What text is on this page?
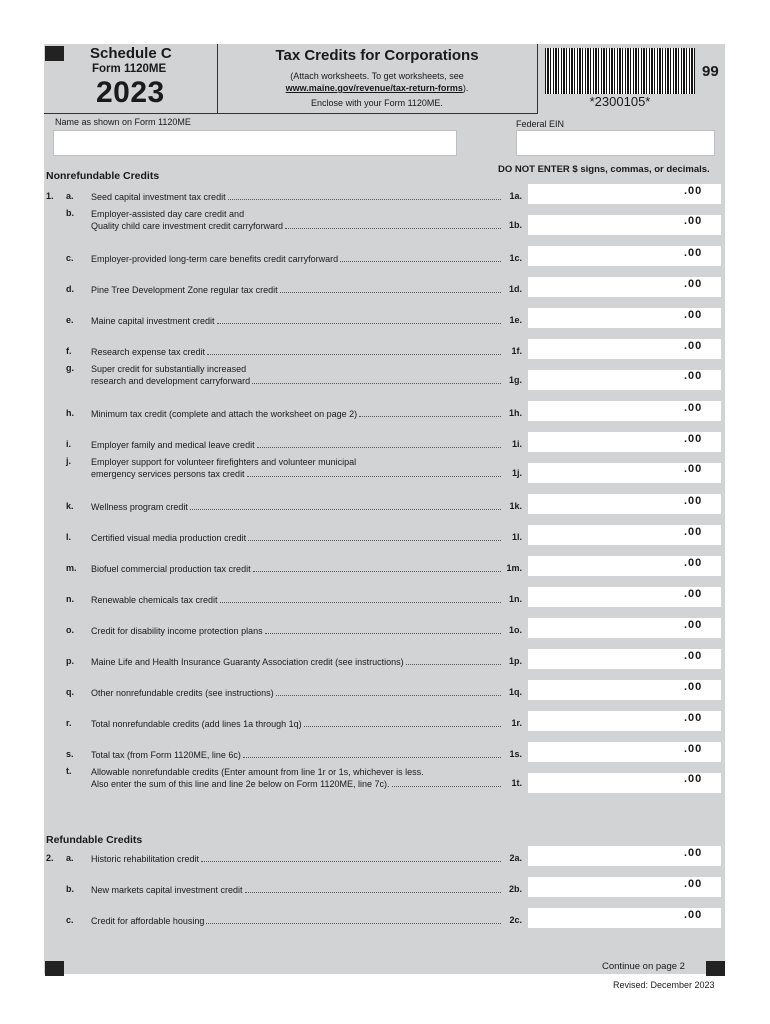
Schedule C
Form 1120ME
2023
Tax Credits for Corporations
(Attach worksheets. To get worksheets, see
www.maine.gov/revenue/tax-return-forms).
Enclose with your Form 1120ME.	*2300105*
99
Name as shown on Form 1120ME	Federal EIN
Nonrefundable Credits
DO NOT ENTER $ signs, commas, or decimals.
Refundable Credits
1. a. Seed capital investment tax credit	1a.	.00
b. Employer-assisted day care credit and
Quality child care investment credit carryforward	1b.	.00
c. Employer-provided long-term care benefits credit carryforward	1c.	.00
d. Pine Tree Development Zone regular tax credit	1d.	.00
e. Maine capital investment credit	1e.	.00
f. Research expense tax credit	1f.	.00
g. Super credit for substantially increased
research and development carryforward	1g.	.00
h. Minimum tax credit (complete and attach the worksheet on page 2)	1h.	.00
i. Employer family and medical leave credit	1i.	.00
j. Employer support for volunteer firefighters and volunteer municipal
emergency services persons tax credit	1j.	.00
k. Wellness program credit	1k.	.00
l. Certified visual media production credit	1l.	.00
m. Biofuel commercial production tax credit	1m.	.00
n. Renewable chemicals tax credit	1n.	.00
o. Credit for disability income protection plans	1o.	.00
p. Maine Life and Health Insurance Guaranty Association credit (see instructions)	1p.	.00
q. Other nonrefundable credits (see instructions)	1q.	.00
r. Total nonrefundable credits (add lines 1a through 1q)	1r.	.00
s. Total tax (from Form 1120ME, line 6c)	1s.	.00
t. Allowable nonrefundable credits (Enter amount from line 1r or 1s, whichever is less.
Also enter the sum of this line and line 2e below on Form 1120ME, line 7c).	1t.	.00
2. a. Historic rehabilitation credit	2a.	.00
b. New markets capital investment credit	2b.	.00
c. Credit for affordable housing	2c.	.00
Continue on page 2
Revised: December 2023
